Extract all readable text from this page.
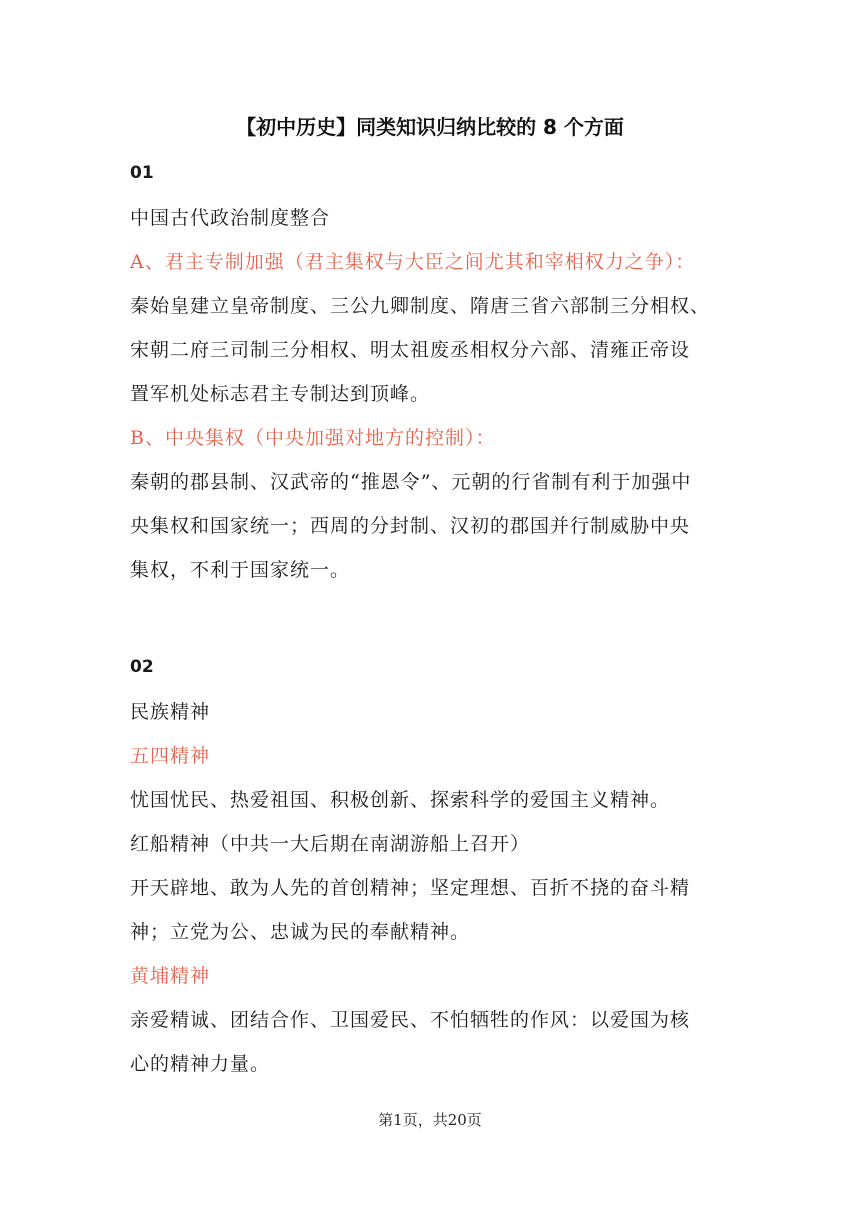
【初中历史】同类知识归纳比较的 8 个方面
01

中国古代政治制度整合

A、君主专制加强（君主集权与大臣之间尤其和宰相权力之争）：

秦始皇建立皇帝制度、三公九卿制度、隋唐三省六部制三分相权、

宋朝二府三司制三分相权、明太祖废丞相权分六部、清雍正帝设

置军机处标志君主专制达到顶峰。

B、中央集权（中央加强对地方的控制）：

秦朝的郡县制、汉武帝的“推恩令”、元朝的行省制有利于加强中

央集权和国家统一；西周的分封制、汉初的郡国并行制威胁中央

集权，不利于国家统一。

02

民族精神

五四精神

忧国忧民、热爱祖国、积极创新、探索科学的爱国主义精神。

红船精神（中共一大后期在南湖游船上召开）

开天辟地、敢为人先的首创精神；坚定理想、百折不挠的奋斗精

神；立党为公、忠诚为民的奉献精神。

黄埔精神

亲爱精诚、团结合作、卫国爱民、不怕牺牲的作风：以爱国为核

心的精神力量。

第1页，共20页
